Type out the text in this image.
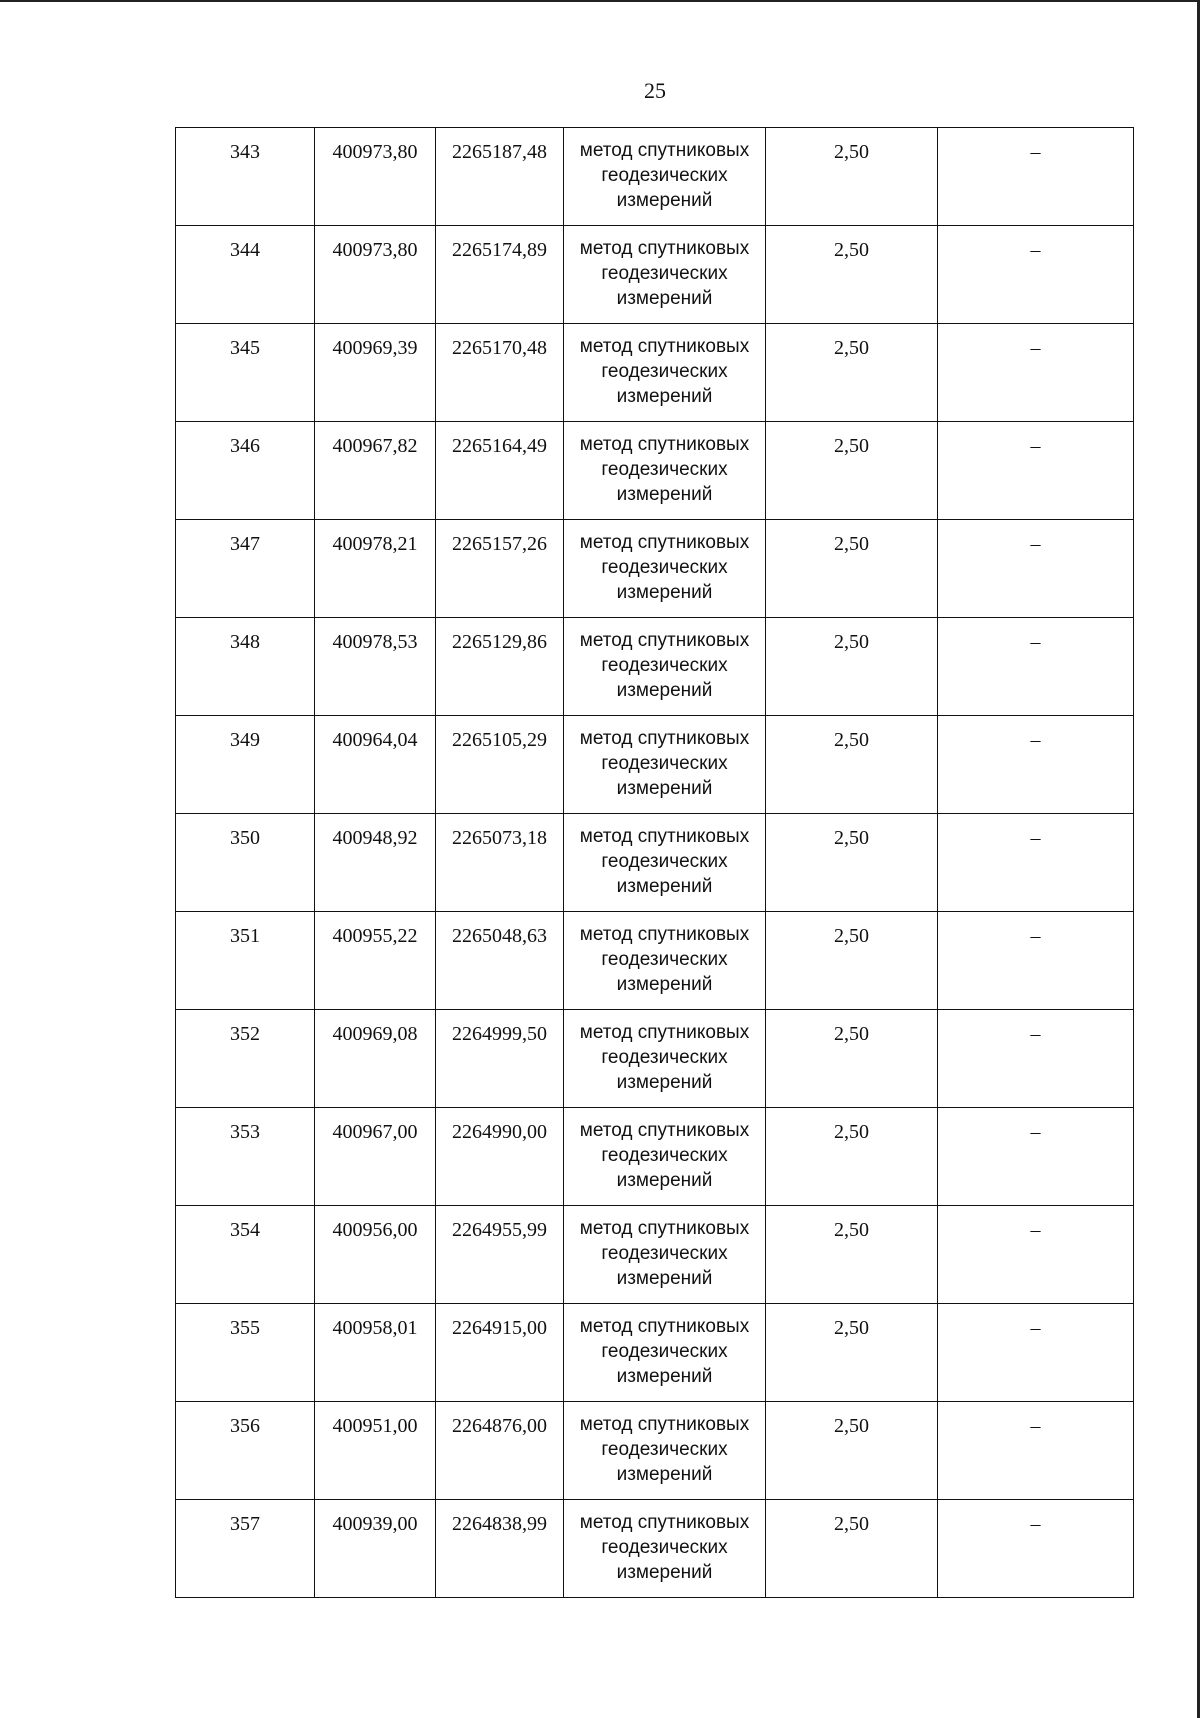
25
343	400973,80	2265187,48	метод спутниковых геодезических измерений	2,50	–
344	400973,80	2265174,89	метод спутниковых геодезических измерений	2,50	–
345	400969,39	2265170,48	метод спутниковых геодезических измерений	2,50	–
346	400967,82	2265164,49	метод спутниковых геодезических измерений	2,50	–
347	400978,21	2265157,26	метод спутниковых геодезических измерений	2,50	–
348	400978,53	2265129,86	метод спутниковых геодезических измерений	2,50	–
349	400964,04	2265105,29	метод спутниковых геодезических измерений	2,50	–
350	400948,92	2265073,18	метод спутниковых геодезических измерений	2,50	–
351	400955,22	2265048,63	метод спутниковых геодезических измерений	2,50	–
352	400969,08	2264999,50	метод спутниковых геодезических измерений	2,50	–
353	400967,00	2264990,00	метод спутниковых геодезических измерений	2,50	–
354	400956,00	2264955,99	метод спутниковых геодезических измерений	2,50	–
355	400958,01	2264915,00	метод спутниковых геодезических измерений	2,50	–
356	400951,00	2264876,00	метод спутниковых геодезических измерений	2,50	–
357	400939,00	2264838,99	метод спутниковых геодезических измерений	2,50	–
